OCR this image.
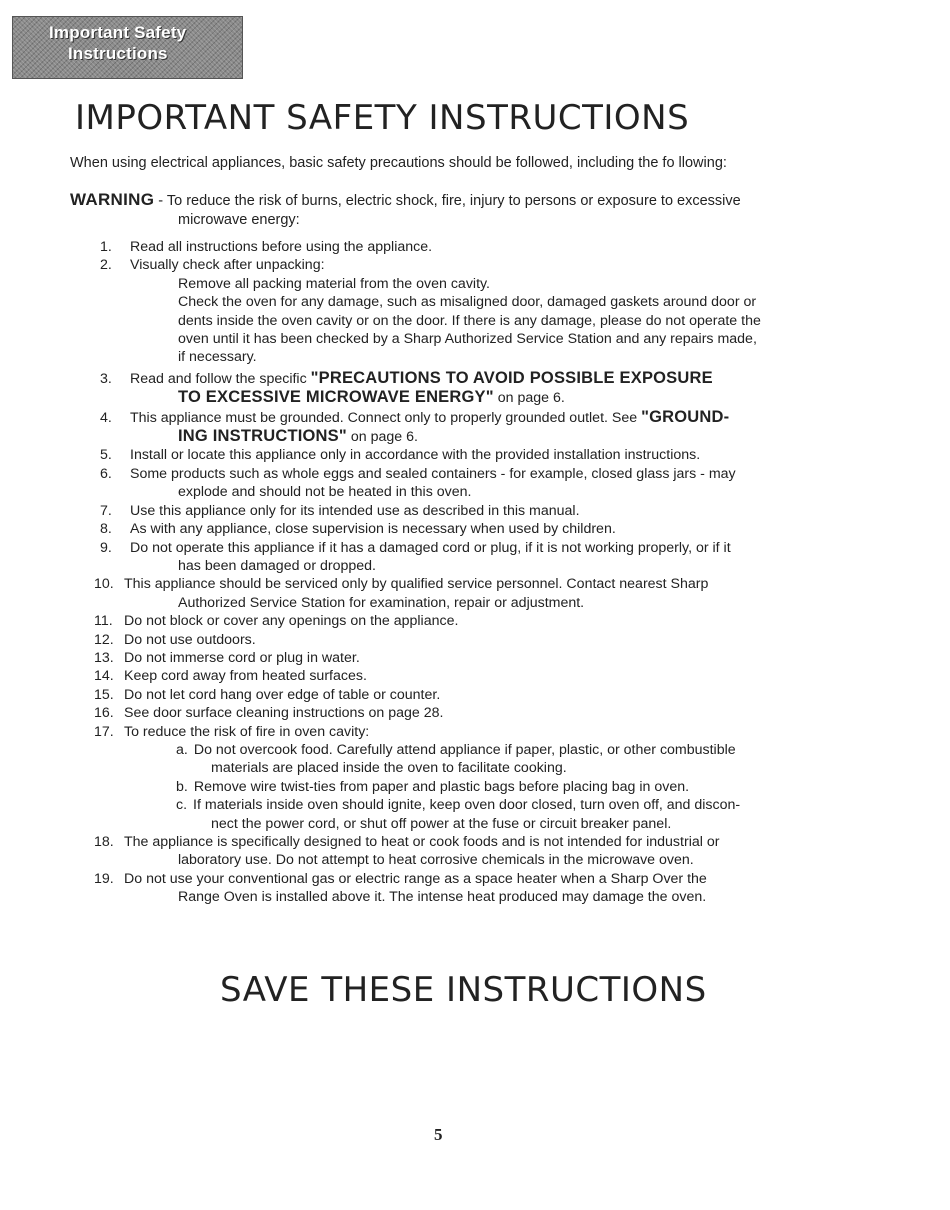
Important Safety
Instructions
IMPORTANT SAFETY INSTRUCTIONS
When using electrical appliances, basic safety precautions should be followed, including the fo llowing:
WARNING - To reduce the risk of burns, electric shock, fire, injury to persons or exposure to excessive
microwave energy:
1. Read all instructions before using the appliance.
2. Visually check after unpacking:
Remove all packing material from the oven cavity.
Check the oven for any damage, such as misaligned door, damaged gaskets around door or
dents inside the oven cavity or on the door. If there is any damage, please do not operate the
oven until it has been checked by a Sharp Authorized Service Station and any repairs made,
if necessary.
3. Read and follow the specific "PRECAUTIONS TO AVOID POSSIBLE EXPOSURE
TO EXCESSIVE MICROWAVE ENERGY" on page 6.
4. This appliance must be grounded. Connect only to properly grounded outlet. See "GROUND-
ING INSTRUCTIONS" on page 6.
5. Install or locate this appliance only in accordance with the provided installation instructions.
6. Some products such as whole eggs and sealed containers - for example, closed glass jars - may
explode and should not be heated in this oven.
7. Use this appliance only for its intended use as described in this manual.
8. As with any appliance, close supervision is necessary when used by children.
9. Do not operate this appliance if it has a damaged cord or plug, if it is not working properly, or if it
has been damaged or dropped.
10. This appliance should be serviced only by qualified service personnel. Contact nearest Sharp
Authorized Service Station for examination, repair or adjustment.
11. Do not block or cover any openings on the appliance.
12. Do not use outdoors.
13. Do not immerse cord or plug in water.
14. Keep cord away from heated surfaces.
15. Do not let cord hang over edge of table or counter.
16. See door surface cleaning instructions on page 28.
17. To reduce the risk of fire in oven cavity:
a. Do not overcook food. Carefully attend appliance if paper, plastic, or other combustible
materials are placed inside the oven to facilitate cooking.
b. Remove wire twist-ties from paper and plastic bags before placing bag in oven.
c. If materials inside oven should ignite, keep oven door closed, turn oven off, and discon-
nect the power cord, or shut off power at the fuse or circuit breaker panel.
18. The appliance is specifically designed to heat or cook foods and is not intended for industrial or
laboratory use. Do not attempt to heat corrosive chemicals in the microwave oven.
19. Do not use your conventional gas or electric range as a space heater when a Sharp Over the
Range Oven is installed above it. The intense heat produced may damage the oven.
SAVE THESE INSTRUCTIONS
5
